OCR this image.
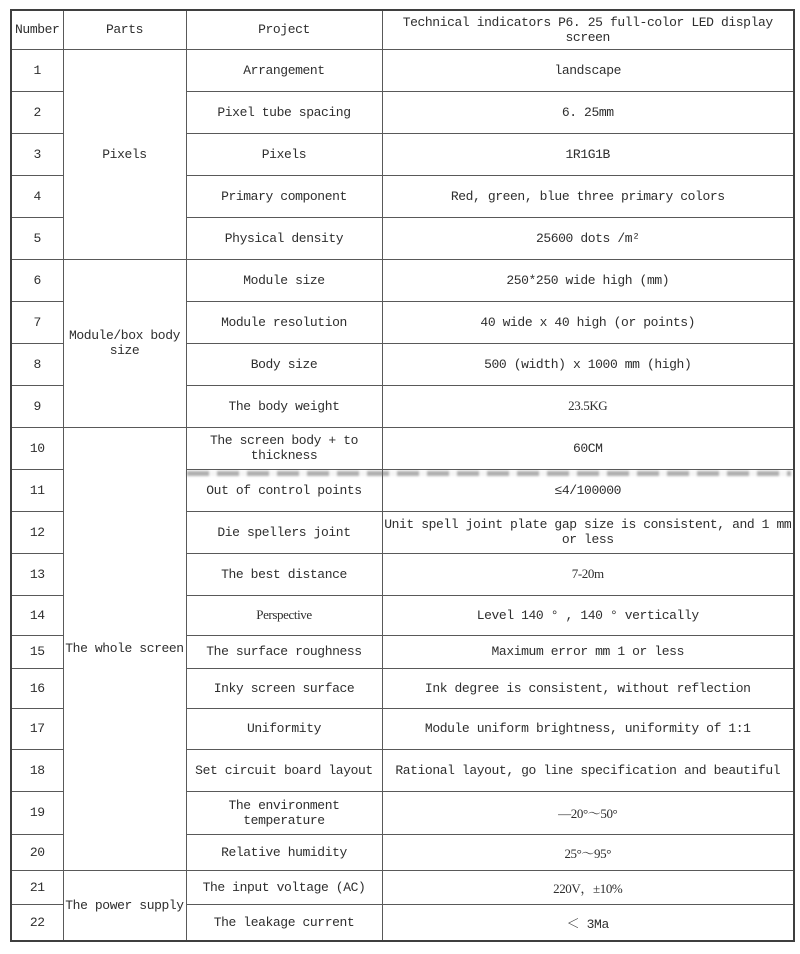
Number	Parts	Project	Technical indicators P6. 25 full-color LED display screen
1	Pixels	Arrangement	landscape
2		Pixel tube spacing	6. 25mm
3		Pixels	1R1G1B
4		Primary component	Red, green, blue three primary colors
5		Physical density	25600 dots /m²
6	Module/box body size	Module size	250*250 wide high (mm)
7		Module resolution	40 wide x 40 high (or points)
8		Body size	500 (width) x 1000 mm (high)
9		The body weight	23.5KG
10	The whole screen	The screen body + to thickness	60CM
11		Out of control points	≤4/100000
12		Die spellers joint	Unit spell joint plate gap size is consistent, and 1 mm or less
13		The best distance	7-20m
14		Perspective	Level 140 ° , 140 ° vertically
15		The surface roughness	Maximum error mm 1 or less
16		Inky screen surface	Ink degree is consistent, without reflection
17		Uniformity	Module uniform brightness, uniformity of 1:1
18		Set circuit board layout	Rational layout, go line specification and beautiful
19		The environment temperature	—20°～50°
20		Relative humidity	25°～95°
21	The power supply	The input voltage (AC)	220V，±10%
22		The leakage current	＜ 3Ma
